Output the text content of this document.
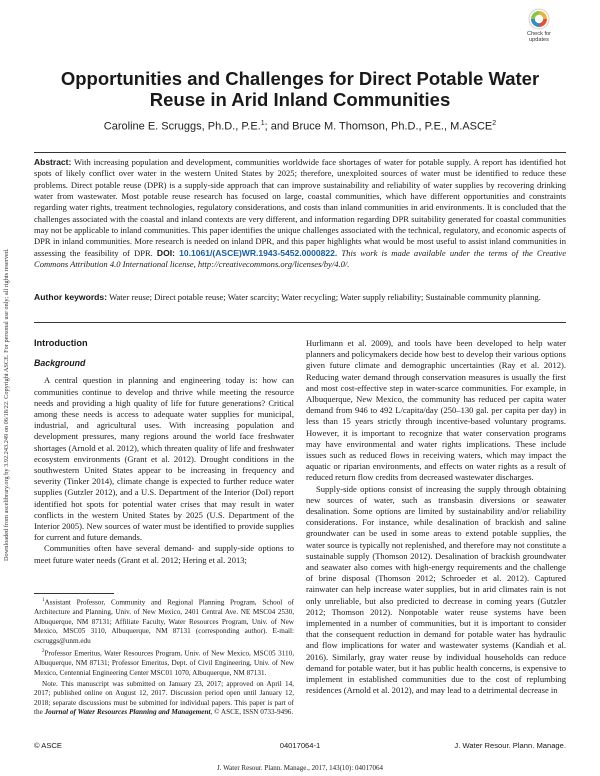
Downloaded from ascelibrary.org by 3.92.243.249 on 06/18/22. Copyright ASCE. For personal use only; all rights reserved.
Check for
updates
Opportunities and Challenges for Direct Potable Water Reuse in Arid Inland Communities
Caroline E. Scruggs, Ph.D., P.E.$^1$; and Bruce M. Thomson, Ph.D., P.E., M.ASCE$^2$
Abstract: With increasing population and development, communities worldwide face shortages of water for potable supply. A report has identified hot spots of likely conflict over water in the western United States by 2025; therefore, unexploited sources of water must be identified to reduce these problems. Direct potable reuse (DPR) is a supply-side approach that can improve sustainability and reliability of water supplies by recovering drinking water from wastewater. Most potable reuse research has focused on large, coastal communities, which have different opportunities and constraints regarding water rights, treatment technologies, regulatory considerations, and costs than inland communities in arid environments. It is concluded that the challenges associated with the coastal and inland contexts are very different, and information regarding DPR suitability generated for coastal communities may not be applicable to inland communities. This paper identifies the unique challenges associated with the technical, regulatory, and economic aspects of DPR in inland communities. More research is needed on inland DPR, and this paper highlights what would be most useful to assist inland communities in assessing the feasibility of DPR. DOI: 10.1061/(ASCE)WR.1943-5452.0000822. This work is made available under the terms of the Creative Commons Attribution 4.0 International license, http://creativecommons.org/licenses/by/4.0/.
Author keywords: Water reuse; Direct potable reuse; Water scarcity; Water recycling; Water supply reliability; Sustainable community planning.
Introduction
Background

A central question in planning and engineering today is: how can communities continue to develop and thrive while meeting the resource needs and providing a high quality of life for future generations? Critical among these needs is access to adequate water supplies for municipal, industrial, and agricultural uses. With increasing population and development pressures, many regions around the world face freshwater shortages (Arnold et al. 2012), which threaten quality of life and freshwater ecosystem environments (Grant et al. 2012). Drought conditions in the southwestern United States appear to be increasing in frequency and severity (Tinker 2014), climate change is expected to further reduce water supplies (Gutzler 2012), and a U.S. Department of the Interior (DoI) report identified hot spots for potential water crises that may result in water conflicts in the western United States by 2025 (U.S. Department of the Interior 2005). New sources of water must be identified to provide supplies for current and future demands.

Communities often have several demand- and supply-side options to meet future water needs (Grant et al. 2012; Hering et al. 2013;

Hurlimann et al. 2009), and tools have been developed to help water planners and policymakers decide how best to develop their various options given future climate and demographic uncertainties (Ray et al. 2012). Reducing water demand through conservation measures is usually the first and most cost-effective step in water-scarce communities. For example, in Albuquerque, New Mexico, the community has reduced per capita water demand from 946 to 492 L/capita/day (250–130 gal. per capita per day) in less than 15 years strictly through incentive-based voluntary programs. However, it is important to recognize that water conservation programs may have environmental and water rights implications. These include issues such as reduced flows in receiving waters, which may impact the aquatic or riparian environments, and effects on water rights as a result of reduced return flow credits from decreased wastewater discharges.

Supply-side options consist of increasing the supply through obtaining new sources of water, such as transbasin diversions or seawater desalination. Some options are limited by sustainability and/or reliability considerations. For instance, while desalination of brackish and saline groundwater can be used in some areas to extend potable supplies, the water source is typically not replenished, and therefore may not constitute a sustainable supply (Thomson 2012). Desalination of brackish groundwater and seawater also comes with high-energy requirements and the challenge of brine disposal (Thomson 2012; Schroeder et al. 2012). Captured rainwater can help increase water supplies, but in arid climates rain is not only unreliable, but also predicted to decrease in coming years (Gutzler 2012; Thomson 2012). Nonpotable water reuse systems have been implemented in a number of communities, but it is important to consider that the consequent reduction in demand for potable water has hydraulic and flow implications for water and wastewater systems (Kandiah et al. 2016). Similarly, gray water reuse by individual households can reduce demand for potable water, but it has public health concerns, is expensive to implement in established communities due to the cost of replumbing residences (Arnold et al. 2012), and may lead to a detrimental decrease in

$^1$Assistant Professor, Community and Regional Planning Program, School of Architecture and Planning, Univ. of New Mexico, 2401 Central Ave. NE MSC04 2530, Albuquerque, NM 87131; Affiliate Faculty, Water Resources Program, Univ. of New Mexico, MSC05 3110, Albuquerque, NM 87131 (corresponding author). E-mail: cscruggs@unm.edu

$^2$Professor Emeritus, Water Resources Program, Univ. of New Mexico, MSC05 3110, Albuquerque, NM 87131; Professor Emeritus, Dept. of Civil Engineering, Univ. of New Mexico, Centennial Engineering Center MSC01 1070, Albuquerque, NM 87131.

Note. This manuscript was submitted on January 23, 2017; approved on April 14, 2017; published online on August 12, 2017. Discussion period open until January 12, 2018; separate discussions must be submitted for individual papers. This paper is part of the Journal of Water Resources Planning and Management, © ASCE, ISSN 0733-9496.

© ASCE	04017064-1	J. Water Resour. Plann. Manage.
J. Water Resour. Plann. Manage., 2017, 143(10): 04017064
